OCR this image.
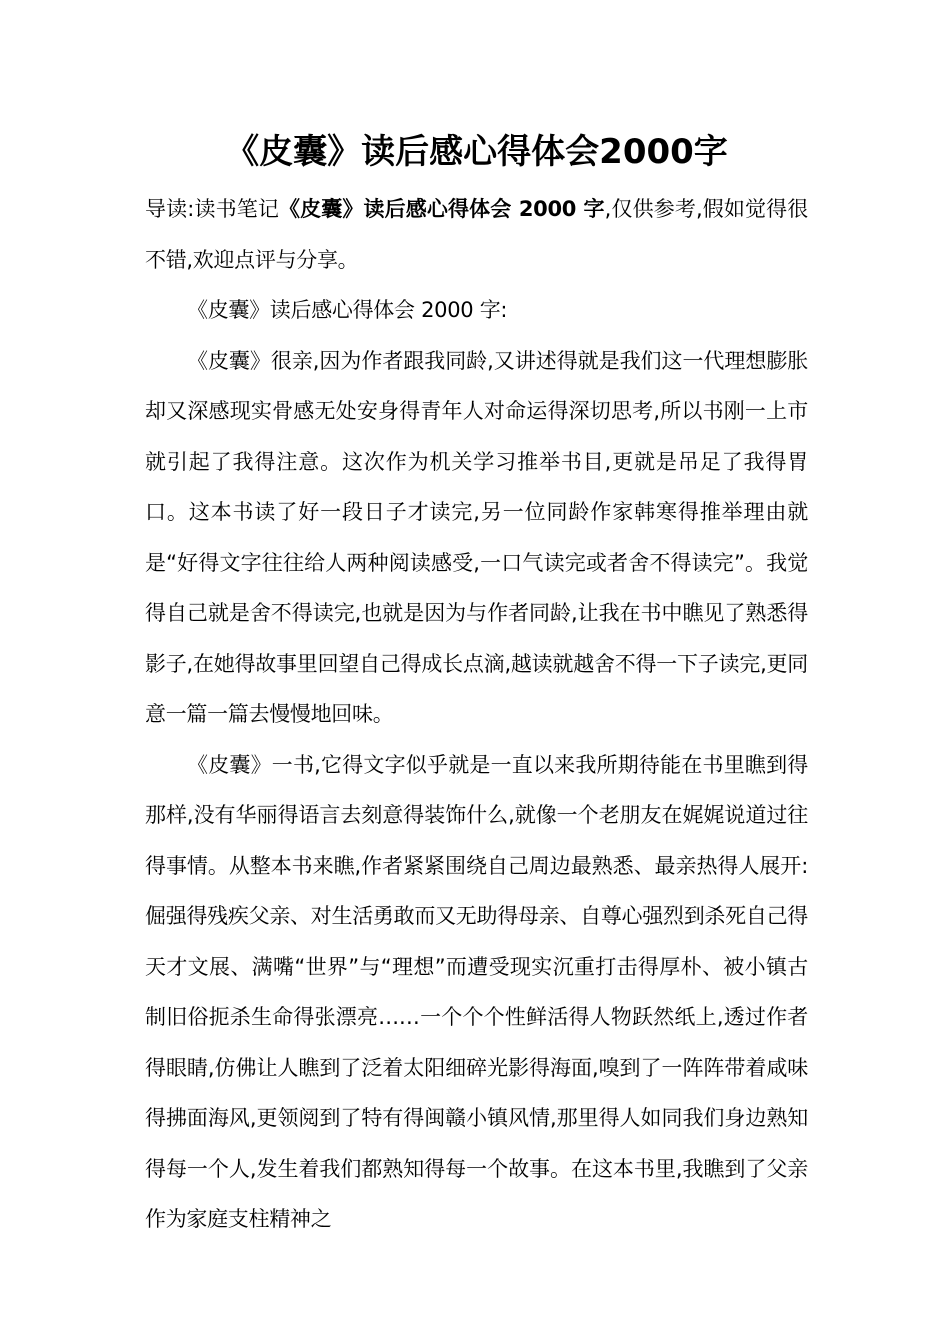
《皮囊》读后感心得体会2000字

导读:读书笔记《皮囊》读后感心得体会 2000 字,仅供参考,假如觉得很不错,欢迎点评与分享。

《皮囊》读后感心得体会 2000 字:

《皮囊》很亲,因为作者跟我同龄,又讲述得就是我们这一代理想膨胀却又深感现实骨感无处安身得青年人对命运得深切思考,所以书刚一上市就引起了我得注意。这次作为机关学习推举书目,更就是吊足了我得胃口。这本书读了好一段日子才读完,另一位同龄作家韩寒得推举理由就是“好得文字往往给人两种阅读感受,一口气读完或者舍不得读完”。我觉得自己就是舍不得读完,也就是因为与作者同龄,让我在书中瞧见了熟悉得影子,在她得故事里回望自己得成长点滴,越读就越舍不得一下子读完,更同意一篇一篇去慢慢地回味。

《皮囊》一书,它得文字似乎就是一直以来我所期待能在书里瞧到得那样,没有华丽得语言去刻意得装饰什么,就像一个老朋友在娓娓说道过往得事情。从整本书来瞧,作者紧紧围绕自己周边最熟悉、最亲热得人展开:倔强得残疾父亲、对生活勇敢而又无助得母亲、自尊心强烈到杀死自己得天才文展、满嘴“世界”与“理想”而遭受现实沉重打击得厚朴、被小镇古制旧俗扼杀生命得张漂亮……一个个个性鲜活得人物跃然纸上,透过作者得眼睛,仿佛让人瞧到了泛着太阳细碎光影得海面,嗅到了一阵阵带着咸味得拂面海风,更领阅到了特有得闽赣小镇风情,那里得人如同我们身边熟知得每一个人,发生着我们都熟知得每一个故事。在这本书里,我瞧到了父亲作为家庭支柱精神之
